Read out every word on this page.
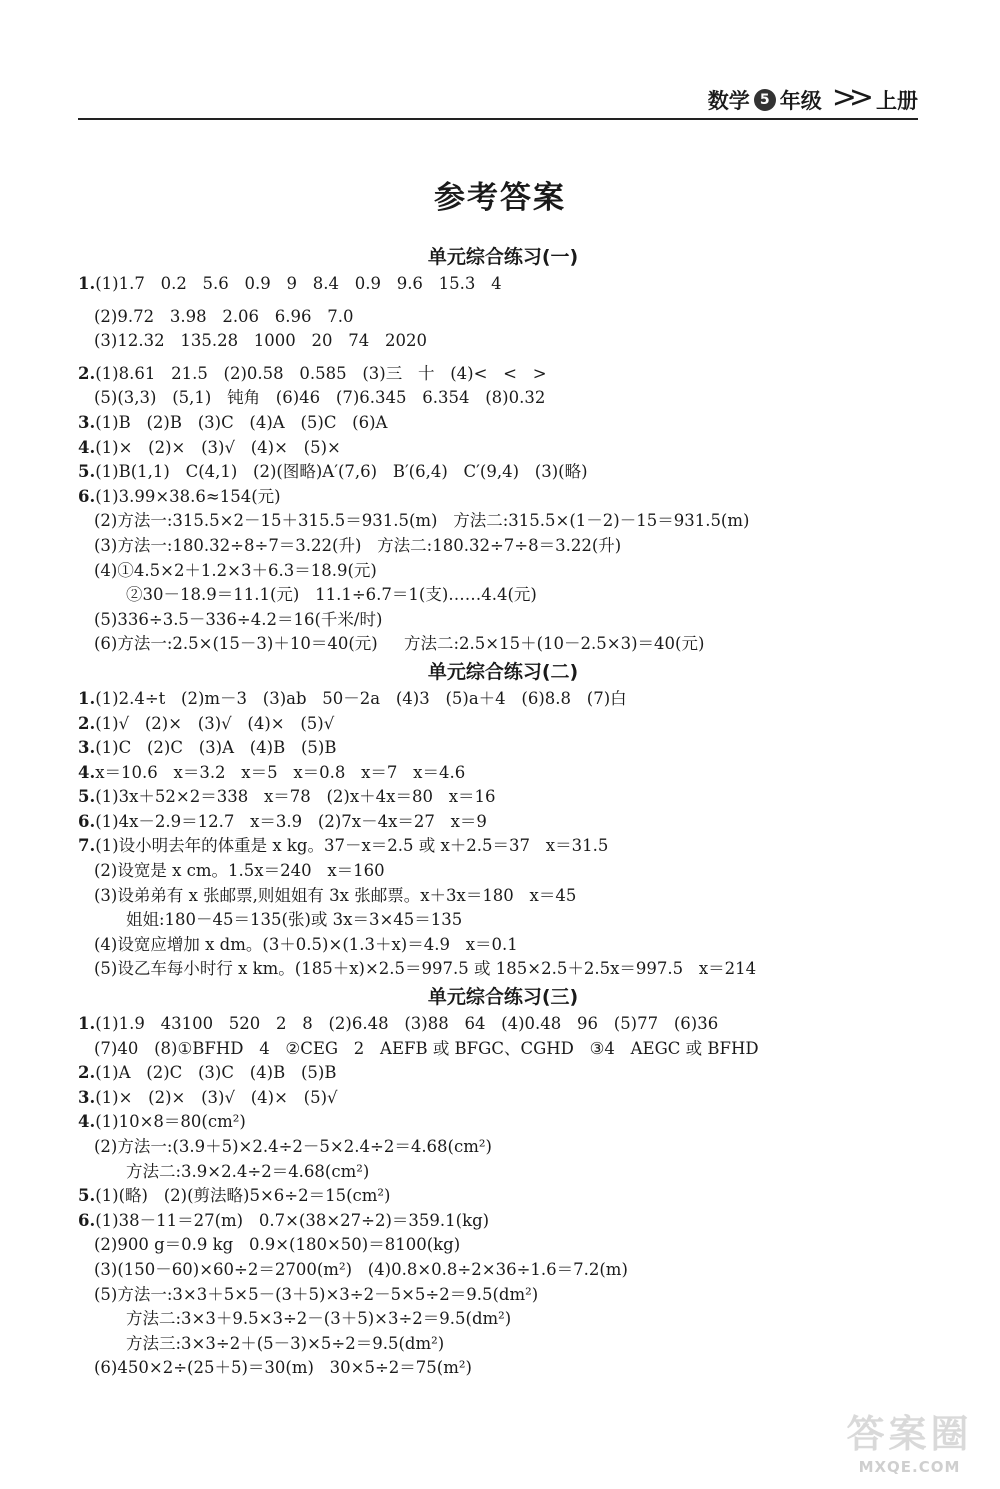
数学 5 年级 >> 上册
参考答案
单元综合练习(一)
1.(1)1.7   0.2   5.6   0.9   9   8.4   0.9   9.6   15.3   4
(2)9.72   3.98   2.06   6.96   7.0
(3)12.32   135.28   1000   20   74   2020
2.(1)8.61   21.5   (2)0.58   0.585   (3)三   十   (4)<   <   >
(5)(3,3)   (5,1)   钝角   (6)46   (7)6.345   6.354   (8)0.32
3.(1)B   (2)B   (3)C   (4)A   (5)C   (6)A
4.(1)×   (2)×   (3)√   (4)×   (5)×
5.(1)B(1,1)   C(4,1)   (2)(图略)A′(7,6)   B′(6,4)   C′(9,4)   (3)(略)
6.(1)3.99×38.6≈154(元)
(2)方法一:315.5×2－15＋315.5＝931.5(m)   方法二:315.5×(1－2)－15＝931.5(m)
(3)方法一:180.32÷8÷7＝3.22(升)   方法二:180.32÷7÷8＝3.22(升)
(4)①4.5×2＋1.2×3＋6.3＝18.9(元)
②30－18.9＝11.1(元)   11.1÷6.7＝1(支)……4.4(元)
(5)336÷3.5－336÷4.2＝16(千米/时)
(6)方法一:2.5×(15－3)＋10＝40(元)     方法二:2.5×15＋(10－2.5×3)＝40(元)
单元综合练习(二)
1.(1)2.4÷t   (2)m－3   (3)ab   50－2a   (4)3   (5)a＋4   (6)8.8   (7)白
2.(1)√   (2)×   (3)√   (4)×   (5)√
3.(1)C   (2)C   (3)A   (4)B   (5)B
4.x＝10.6   x＝3.2   x＝5   x＝0.8   x＝7   x＝4.6
5.(1)3x＋52×2＝338   x＝78   (2)x＋4x＝80   x＝16
6.(1)4x－2.9＝12.7   x＝3.9   (2)7x－4x＝27   x＝9
7.(1)设小明去年的体重是 x kg。37－x＝2.5 或 x＋2.5＝37   x＝31.5
(2)设宽是 x cm。1.5x＝240   x＝160
(3)设弟弟有 x 张邮票,则姐姐有 3x 张邮票。x＋3x＝180   x＝45
姐姐:180－45＝135(张)或 3x＝3×45＝135
(4)设宽应增加 x dm。(3＋0.5)×(1.3＋x)＝4.9   x＝0.1
(5)设乙车每小时行 x km。(185＋x)×2.5＝997.5 或 185×2.5＋2.5x＝997.5   x＝214
单元综合练习(三)
1.(1)1.9   43100   520   2   8   (2)6.48   (3)88   64   (4)0.48   96   (5)77   (6)36
(7)40   (8)①BFHD   4   ②CEG   2   AEFB 或 BFGC、CGHD   ③4   AEGC 或 BFHD
2.(1)A   (2)C   (3)C   (4)B   (5)B
3.(1)×   (2)×   (3)√   (4)×   (5)√
4.(1)10×8＝80(cm²)
(2)方法一:(3.9＋5)×2.4÷2－5×2.4÷2＝4.68(cm²)
方法二:3.9×2.4÷2＝4.68(cm²)
5.(1)(略)   (2)(剪法略)5×6÷2＝15(cm²)
6.(1)38－11＝27(m)   0.7×(38×27÷2)＝359.1(kg)
(2)900 g＝0.9 kg   0.9×(180×50)＝8100(kg)
(3)(150－60)×60÷2＝2700(m²)   (4)0.8×0.8÷2×36÷1.6＝7.2(m)
(5)方法一:3×3＋5×5－(3＋5)×3÷2－5×5÷2＝9.5(dm²)
方法二:3×3＋9.5×3÷2－(3＋5)×3÷2＝9.5(dm²)
方法三:3×3÷2＋(5－3)×5÷2＝9.5(dm²)
(6)450×2÷(25＋5)＝30(m)   30×5÷2＝75(m²)
答案圈
MXQE.COM
